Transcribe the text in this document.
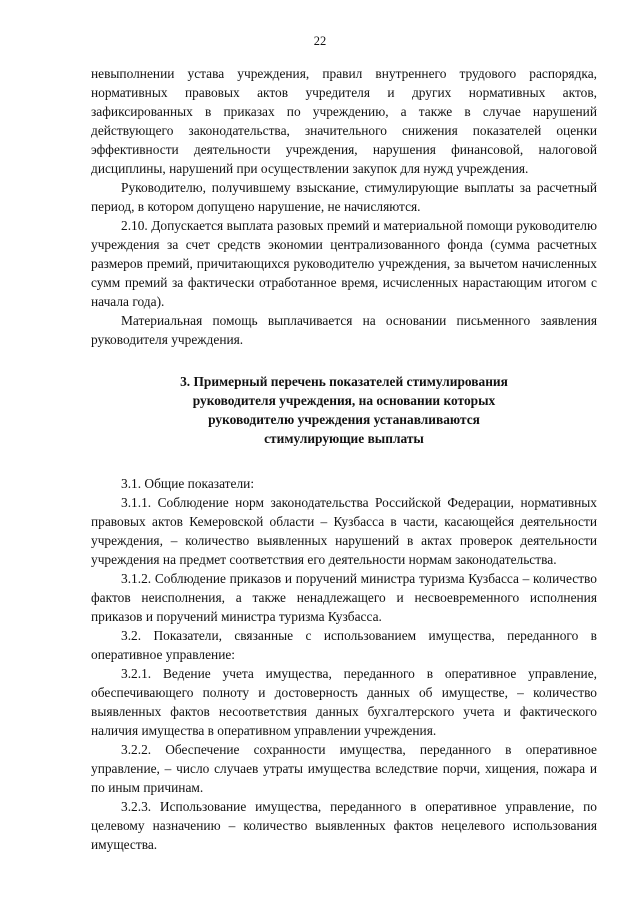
22

невыполнении устава учреждения, правил внутреннего трудового распорядка, нормативных правовых актов учредителя и других нормативных актов, зафиксированных в приказах по учреждению, а также в случае нарушений действующего законодательства, значительного снижения показателей оценки эффективности деятельности учреждения, нарушения финансовой, налоговой дисциплины, нарушений при осуществлении закупок для нужд учреждения.

Руководителю, получившему взыскание, стимулирующие выплаты за расчетный период, в котором допущено нарушение, не начисляются.

2.10. Допускается выплата разовых премий и материальной помощи руководителю учреждения за счет средств экономии централизованного фонда (сумма расчетных размеров премий, причитающихся руководителю учреждения, за вычетом начисленных сумм премий за фактически отработанное время, исчисленных нарастающим итогом с начала года).

Материальная помощь выплачивается на основании письменного заявления руководителя учреждения.

3. Примерный перечень показателей стимулирования
руководителя учреждения, на основании которых
руководителю учреждения устанавливаются
стимулирующие выплаты

3.1. Общие показатели:

3.1.1. Соблюдение норм законодательства Российской Федерации, нормативных правовых актов Кемеровской области – Кузбасса в части, касающейся деятельности учреждения, – количество выявленных нарушений в актах проверок деятельности учреждения на предмет соответствия его деятельности нормам законодательства.

3.1.2. Соблюдение приказов и поручений министра туризма Кузбасса – количество фактов неисполнения, а также ненадлежащего и несвоевременного исполнения приказов и поручений министра туризма Кузбасса.

3.2. Показатели, связанные с использованием имущества, переданного в оперативное управление:

3.2.1. Ведение учета имущества, переданного в оперативное управление, обеспечивающего полноту и достоверность данных об имуществе, – количество выявленных фактов несоответствия данных бухгалтерского учета и фактического наличия имущества в оперативном управлении учреждения.

3.2.2. Обеспечение сохранности имущества, переданного в оперативное управление, – число случаев утраты имущества вследствие порчи, хищения, пожара и по иным причинам.

3.2.3. Использование имущества, переданного в оперативное управление, по целевому назначению – количество выявленных фактов нецелевого использования имущества.
